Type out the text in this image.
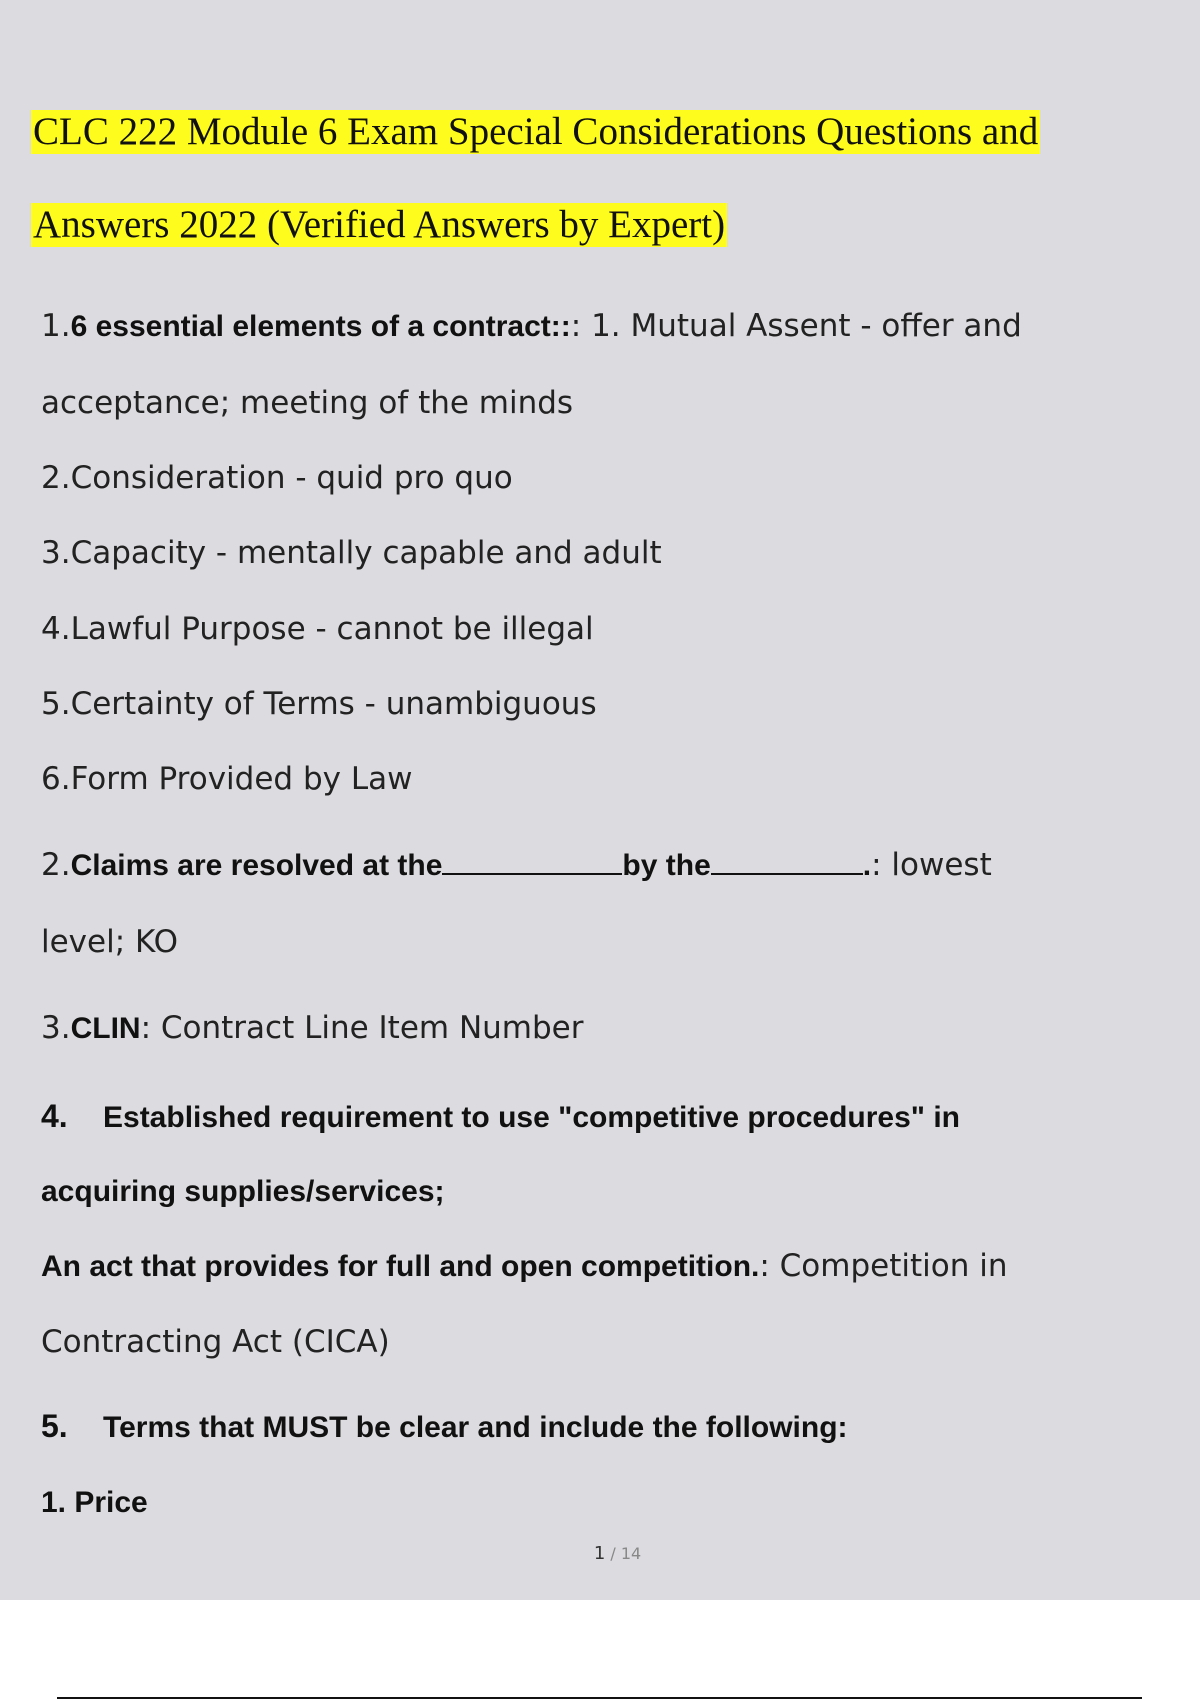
CLC 222 Module 6 Exam Special Considerations Questions and
Answers 2022 (Verified Answers by Expert)
1.6 essential elements of a contract::: 1. Mutual Assent - offer and
acceptance; meeting of the minds
2.Consideration - quid pro quo
3.Capacity - mentally capable and adult
4.Lawful Purpose - cannot be illegal
5.Certainty of Terms - unambiguous
6.Form Provided by Law
2.Claims are resolved at the	by the	.: lowest
level; KO
3.CLIN: Contract Line Item Number
4. Established requirement to use "competitive procedures" in
acquiring supplies/services;
An act that provides for full and open competition.: Competition in
Contracting Act (CICA)
5. Terms that MUST be clear and include the following:
1. Price
1 / 14
